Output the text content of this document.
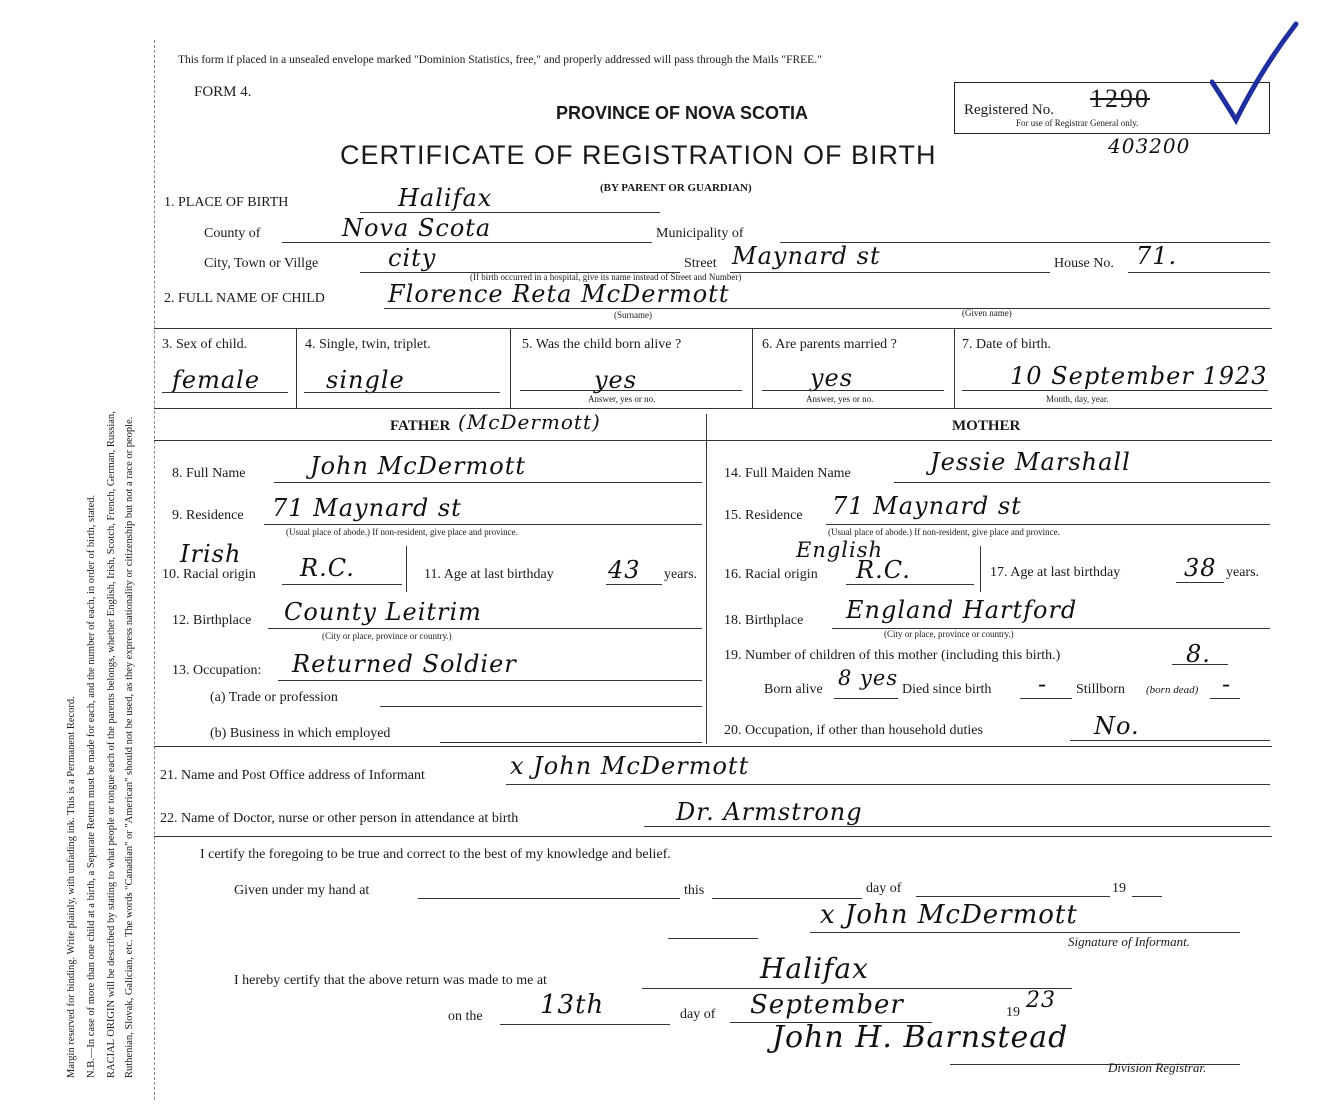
Margin reserved for binding. Write plainly, with unfading ink. This is a Permanent Record. N.B.—In case of more than one child at a birth, a Separate Return must be made for each, and the number of each, in order of birth, stated. RACIAL ORIGIN will be described by stating to what people or tongue each of the parents belongs, whether English, Irish, Scotch, French, German, Russian, Ruthenian, Slovak, Galician, etc. The words "Canadian" or "American" should not be used, as they express nationality or citizenship but not a race or people.
This form if placed in a unsealed envelope marked "Dominion Statistics, free," and properly addressed will pass through the Mails "FREE."
FORM 4.
PROVINCE OF NOVA SCOTIA
CERTIFICATE OF REGISTRATION OF BIRTH
(BY PARENT OR GUARDIAN)
Registered No. 1290
For use of Registrar General only.
403200
1. PLACE OF BIRTH	Halifax
County of	Nova Scota	Municipality of
City, Town or Villge	city	Street Maynard st	House No. 71.
(If birth occurred in a hospital, give its name instead of Street and Number)
2. FULL NAME OF CHILD	Florence Reta McDermott
(Surname)	(Given name)
3. Sex of child.
female
4. Single, twin, triplet.
single
5. Was the child born alive ?
yes
Answer, yes or no.
6. Are parents married ?
yes
Answer, yes or no.
7. Date of birth.
10 September 1923
Month, day, year.
FATHER (McDermott)	MOTHER
8. Full Name	John McDermott
9. Residence 71 Maynard st
(Usual place of abode.) If non-resident, give place and province.
Irish
10. Racial origin R.C.	11. Age at last birthday 43 years.
12. Birthplace County Leitrim
(City or place, province or country.)
13. Occupation: Returned Soldier
(a) Trade or profession
(b) Business in which employed
14. Full Maiden Name	Jessie Marshall
15. Residence 71 Maynard st
(Usual place of abode.) If non-resident, give place and province.
English
16. Racial origin R.C.	17. Age at last birthday	38 years.
18. Birthplace England Hartford
(City or place, province or country.)
19. Number of children of this mother (including this birth.)	8.
Born alive 8 yes Died since birth - Stillborn (born dead) -
20. Occupation, if other than household duties	No.
21. Name and Post Office address of Informant	x John McDermott
22. Name of Doctor, nurse or other person in attendance at birth	Dr. Armstrong
I certify the foregoing to be true and correct to the best of my knowledge and belief.
Given under my hand at	this	day of	19
x John McDermott
Signature of Informant.
I hereby certify that the above return was made to me at	Halifax
on the 13th	day of September	19 23
John H. Barnstead
Division Registrar.
